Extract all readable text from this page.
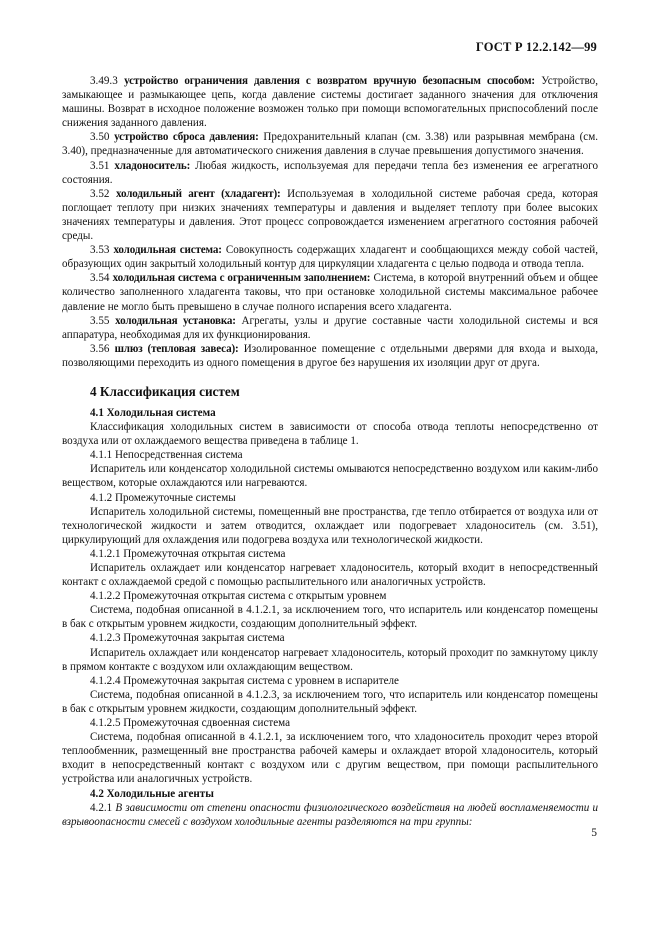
ГОСТ Р 12.2.142—99

3.49.3 устройство ограничения давления с возвратом вручную безопасным способом: Устройство, замыкающее и размыкающее цепь, когда давление системы достигает заданного значения для отключения машины. Возврат в исходное положение возможен только при помощи вспомогательных приспособлений после снижения заданного давления.

3.50 устройство сброса давления: Предохранительный клапан (см. 3.38) или разрывная мембрана (см. 3.40), предназначенные для автоматического снижения давления в случае превышения допустимого значения.

3.51 хладоноситель: Любая жидкость, используемая для передачи тепла без изменения ее агрегатного состояния.

3.52 холодильный агент (хладагент): Используемая в холодильной системе рабочая среда, которая поглощает теплоту при низких значениях температуры и давления и выделяет теплоту при более высоких значениях температуры и давления. Этот процесс сопровождается изменением агрегатного состояния рабочей среды.

3.53 холодильная система: Совокупность содержащих хладагент и сообщающихся между собой частей, образующих один закрытый холодильный контур для циркуляции хладагента с целью подвода и отвода тепла.

3.54 холодильная система с ограниченным заполнением: Система, в которой внутренний объем и общее количество заполненного хладагента таковы, что при остановке холодильной системы максимальное рабочее давление не могло быть превышено в случае полного испарения всего хладагента.

3.55 холодильная установка: Агрегаты, узлы и другие составные части холодильной системы и вся аппаратура, необходимая для их функционирования.

3.56 шлюз (тепловая завеса): Изолированное помещение с отдельными дверями для входа и выхода, позволяющими переходить из одного помещения в другое без нарушения их изоляции друг от друга.

4 Классификация систем

4.1 Холодильная система

Классификация холодильных систем в зависимости от способа отвода теплоты непосредственно от воздуха или от охлаждаемого вещества приведена в таблице 1.

4.1.1 Непосредственная система

Испаритель или конденсатор холодильной системы омываются непосредственно воздухом или каким-либо веществом, которые охлаждаются или нагреваются.

4.1.2 Промежуточные системы

Испаритель холодильной системы, помещенный вне пространства, где тепло отбирается от воздуха или от технологической жидкости и затем отводится, охлаждает или подогревает хладоноситель (см. 3.51), циркулирующий для охлаждения или подогрева воздуха или технологической жидкости.

4.1.2.1 Промежуточная открытая система

Испаритель охлаждает или конденсатор нагревает хладоноситель, который входит в непосредственный контакт с охлаждаемой средой с помощью распылительного или аналогичных устройств.

4.1.2.2 Промежуточная открытая система с открытым уровнем

Система, подобная описанной в 4.1.2.1, за исключением того, что испаритель или конденсатор помещены в бак с открытым уровнем жидкости, создающим дополнительный эффект.

4.1.2.3 Промежуточная закрытая система

Испаритель охлаждает или конденсатор нагревает хладоноситель, который проходит по замкнутому циклу в прямом контакте с воздухом или охлаждающим веществом.

4.1.2.4 Промежуточная закрытая система с уровнем в испарителе

Система, подобная описанной в 4.1.2.3, за исключением того, что испаритель или конденсатор помещены в бак с открытым уровнем жидкости, создающим дополнительный эффект.

4.1.2.5 Промежуточная сдвоенная система

Система, подобная описанной в 4.1.2.1, за исключением того, что хладоноситель проходит через второй теплообменник, размещенный вне пространства рабочей камеры и охлаждает второй хладоноситель, который входит в непосредственный контакт с воздухом или с другим веществом, при помощи распылительного устройства или аналогичных устройств.

4.2 Холодильные агенты

4.2.1 В зависимости от степени опасности физиологического воздействия на людей воспламеняемости и взрывоопасности смесей с воздухом холодильные агенты разделяются на три группы:

5
